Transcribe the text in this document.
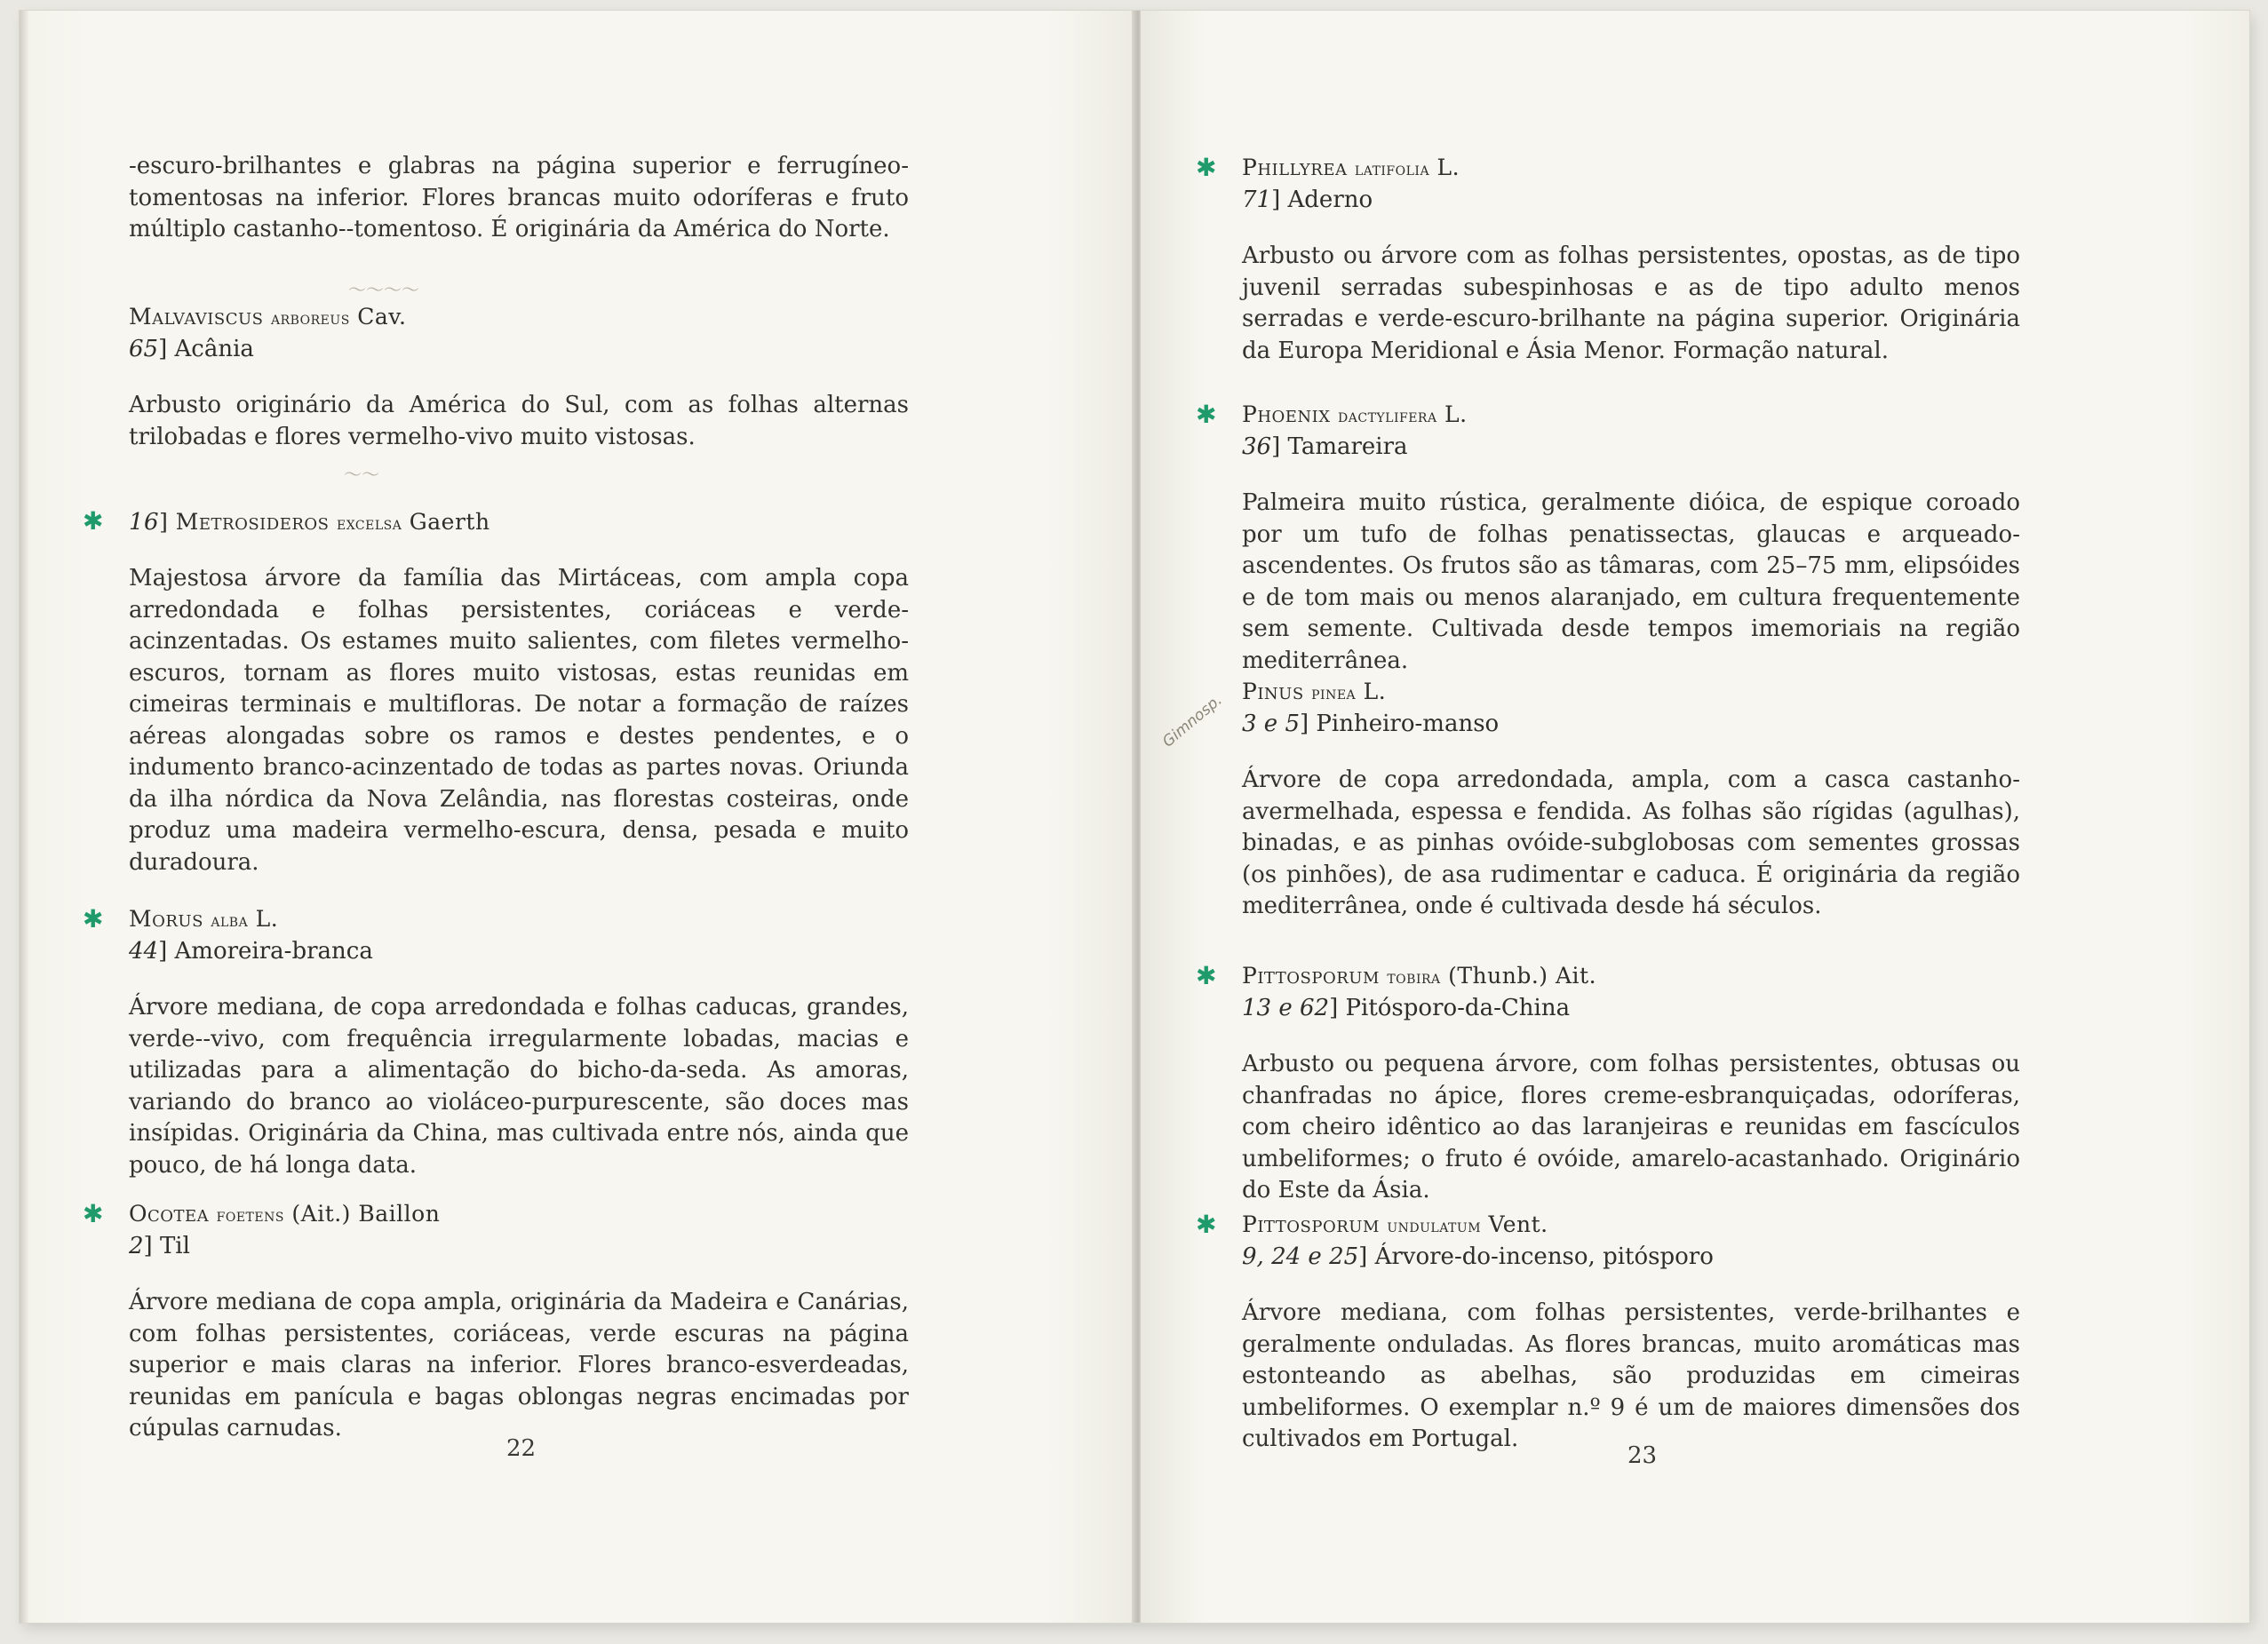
～～～～
～～

-escuro-brilhantes e glabras na página superior e ferrugíneo-tomentosas na inferior. Flores brancas muito odoríferas e fruto múltiplo castanho--tomentoso. É originária da América do Norte.

Malvaviscus arboreus Cav.
65] Acânia

Arbusto originário da América do Sul, com as folhas alternas trilobadas e flores vermelho-vivo muito vistosas.

✱	16] Metrosideros excelsa Gaerth

Majestosa árvore da família das Mirtáceas, com ampla copa arredondada e folhas persistentes, coriáceas e verde-acinzentadas. Os estames muito salientes, com filetes vermelho-escuros, tornam as flores muito vistosas, estas reunidas em cimeiras terminais e multifloras. De notar a formação de raízes aéreas alongadas sobre os ramos e destes pendentes, e o indumento branco-acinzentado de todas as partes novas. Oriunda da ilha nórdica da Nova Zelândia, nas florestas costeiras, onde produz uma madeira vermelho-escura, densa, pesada e muito duradoura.

✱	Morus alba L.
44] Amoreira-branca

Árvore mediana, de copa arredondada e folhas caducas, grandes, verde--vivo, com frequência irregularmente lobadas, macias e utilizadas para a alimentação do bicho-da-seda. As amoras, variando do branco ao violáceo-purpurescente, são doces mas insípidas. Originária da China, mas cultivada entre nós, ainda que pouco, de há longa data.

✱	Ocotea foetens (Ait.) Baillon
2] Til

Árvore mediana de copa ampla, originária da Madeira e Canárias, com folhas persistentes, coriáceas, verde escuras na página superior e mais claras na inferior. Flores branco-esverdeadas, reunidas em panícula e bagas oblongas negras encimadas por cúpulas carnudas.

22
✱	Phillyrea latifolia L.
71] Aderno

Arbusto ou árvore com as folhas persistentes, opostas, as de tipo juvenil serradas subespinhosas e as de tipo adulto menos serradas e verde-escuro-brilhante na página superior. Originária da Europa Meridional e Ásia Menor. Formação natural.

✱	Phoenix dactylifera L.
36] Tamareira

Palmeira muito rústica, geralmente dióica, de espique coroado por um tufo de folhas penatissectas, glaucas e arqueado-ascendentes. Os frutos são as tâmaras, com 25–75 mm, elipsóides e de tom mais ou menos alaranjado, em cultura frequentemente sem semente. Cultivada desde tempos imemoriais na região mediterrânea.

Gimnosp. Pinus pinea L.
3 e 5] Pinheiro-manso

Árvore de copa arredondada, ampla, com a casca castanho-avermelhada, espessa e fendida. As folhas são rígidas (agulhas), binadas, e as pinhas ovóide-subglobosas com sementes grossas (os pinhões), de asa rudimentar e caduca. É originária da região mediterrânea, onde é cultivada desde há séculos.

✱	Pittosporum tobira (Thunb.) Ait.
13 e 62] Pitósporo-da-China

Arbusto ou pequena árvore, com folhas persistentes, obtusas ou chanfradas no ápice, flores creme-esbranquiçadas, odoríferas, com cheiro idêntico ao das laranjeiras e reunidas em fascículos umbeliformes; o fruto é ovóide, amarelo-acastanhado. Originário do Este da Ásia.

✱	Pittosporum undulatum Vent.
9, 24 e 25] Árvore-do-incenso, pitósporo

Árvore mediana, com folhas persistentes, verde-brilhantes e geralmente onduladas. As flores brancas, muito aromáticas mas estonteando as abelhas, são produzidas em cimeiras umbeliformes. O exemplar n.º 9 é um de maiores dimensões dos cultivados em Portugal.

23
